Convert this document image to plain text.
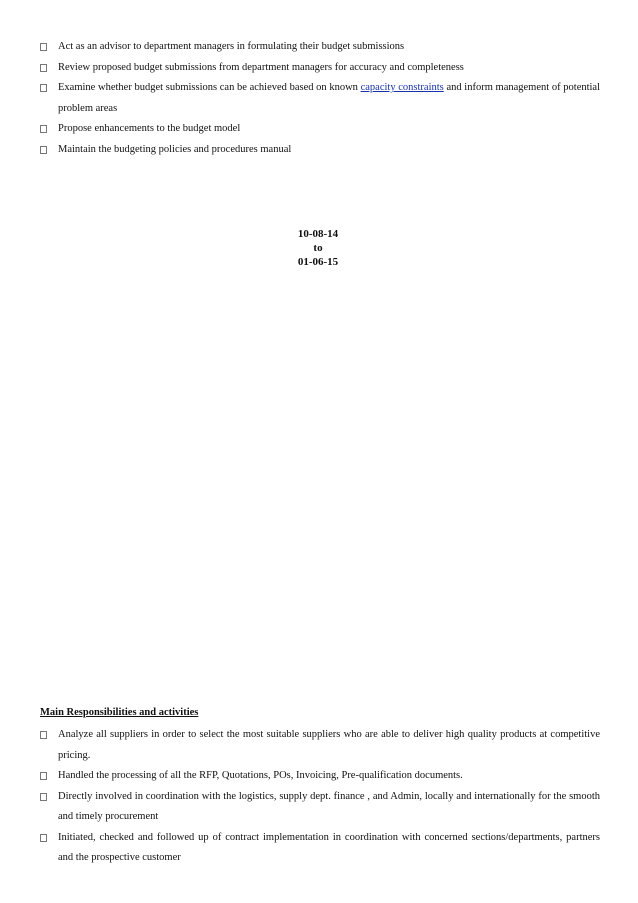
Act as an advisor to department managers in formulating their budget submissions
Review proposed budget submissions from department managers for accuracy and completeness
Examine whether budget submissions can be achieved based on known capacity constraints and inform management of potential problem areas
Propose enhancements to the budget model
Maintain the budgeting policies and procedures manual
10-08-14
to
01-06-15
Main Responsibilities and activities
Analyze all suppliers in order to select the most suitable suppliers who are able to deliver high quality products at competitive pricing.
Handled the processing of all the RFP, Quotations, POs, Invoicing, Pre-qualification documents.
Directly involved in coordination with the logistics, supply dept. finance , and Admin, locally and internationally for the smooth and timely procurement
Initiated, checked and followed up of contract implementation in coordination with concerned sections/departments, partners and the prospective customer
